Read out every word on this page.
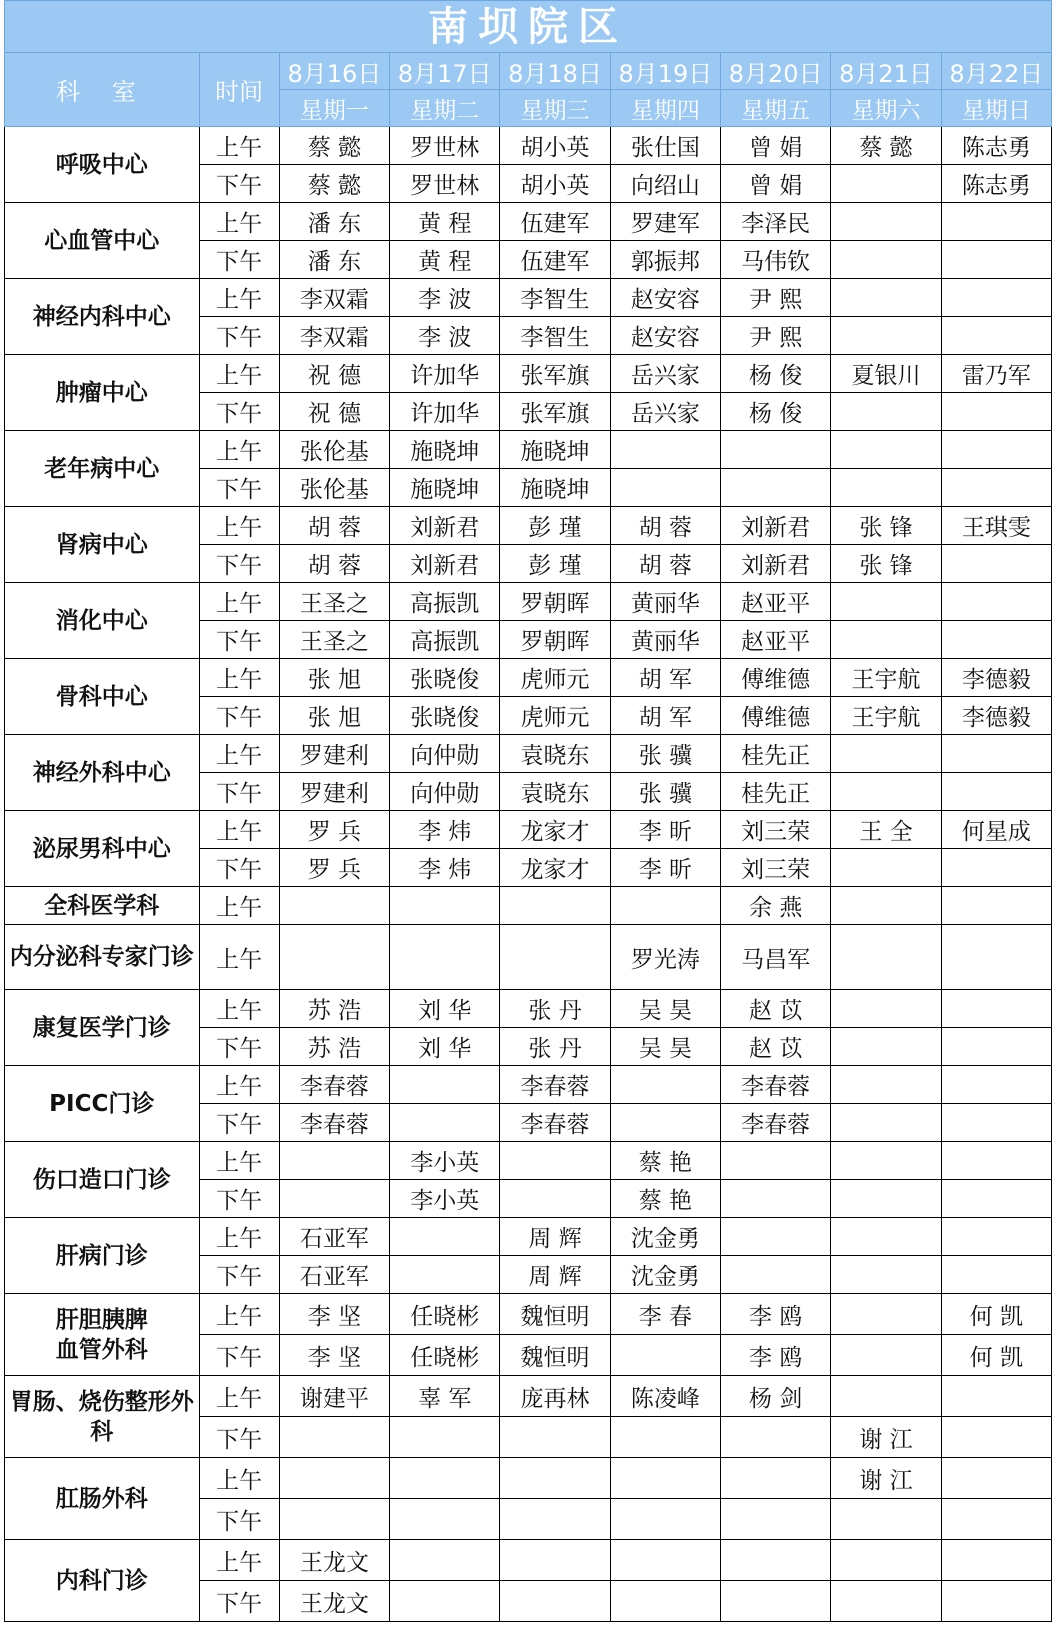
南坝院区
科 室	时间	8月16日	8月17日	8月18日	8月19日	8月20日	8月21日	8月22日
		星期一	星期二	星期三	星期四	星期五	星期六	星期日
呼吸中心	上午	蔡 懿	罗世林	胡小英	张仕国	曾 娟	蔡 懿	陈志勇
	下午	蔡 懿	罗世林	胡小英	向绍山	曾 娟		陈志勇
心血管中心	上午	潘 东	黄 程	伍建军	罗建军	李泽民		
	下午	潘 东	黄 程	伍建军	郭振邦	马伟钦		
神经内科中心	上午	李双霜	李 波	李智生	赵安容	尹 熙		
	下午	李双霜	李 波	李智生	赵安容	尹 熙		
肿瘤中心	上午	祝 德	许加华	张军旗	岳兴家	杨 俊	夏银川	雷乃军
	下午	祝 德	许加华	张军旗	岳兴家	杨 俊		
老年病中心	上午	张伦基	施晓坤	施晓坤				
	下午	张伦基	施晓坤	施晓坤				
肾病中心	上午	胡 蓉	刘新君	彭 瑾	胡 蓉	刘新君	张 锋	王琪雯
	下午	胡 蓉	刘新君	彭 瑾	胡 蓉	刘新君	张 锋	
消化中心	上午	王圣之	高振凯	罗朝晖	黄丽华	赵亚平		
	下午	王圣之	高振凯	罗朝晖	黄丽华	赵亚平		
骨科中心	上午	张 旭	张晓俊	虎师元	胡 军	傅维德	王宇航	李德毅
	下午	张 旭	张晓俊	虎师元	胡 军	傅维德	王宇航	李德毅
神经外科中心	上午	罗建利	向仲勋	袁晓东	张 骥	桂先正		
	下午	罗建利	向仲勋	袁晓东	张 骥	桂先正		
泌尿男科中心	上午	罗 兵	李 炜	龙家才	李 昕	刘三荣	王 全	何星成
	下午	罗 兵	李 炜	龙家才	李 昕	刘三荣		
全科医学科	上午					余 燕		
内分泌科专家门诊	上午				罗光涛	马昌军		
康复医学门诊	上午	苏 浩	刘 华	张 丹	吴 昊	赵 苡		
	下午	苏 浩	刘 华	张 丹	吴 昊	赵 苡		
PICC门诊	上午	李春蓉		李春蓉		李春蓉		
	下午	李春蓉		李春蓉		李春蓉		
伤口造口门诊	上午		李小英		蔡 艳			
	下午		李小英		蔡 艳			
肝病门诊	上午	石亚军		周 辉	沈金勇			
	下午	石亚军		周 辉	沈金勇			
肝胆胰脾
血管外科	上午	李 坚	任晓彬	魏恒明	李 春	李 鸥		何 凯
	下午	李 坚	任晓彬	魏恒明		李 鸥		何 凯
胃肠、烧伤整形外科	上午	谢建平	辜 军	庞再林	陈凌峰	杨 剑		
	下午						谢 江	
肛肠外科	上午						谢 江	
	下午							
内科门诊	上午	王龙文						
	下午	王龙文						
